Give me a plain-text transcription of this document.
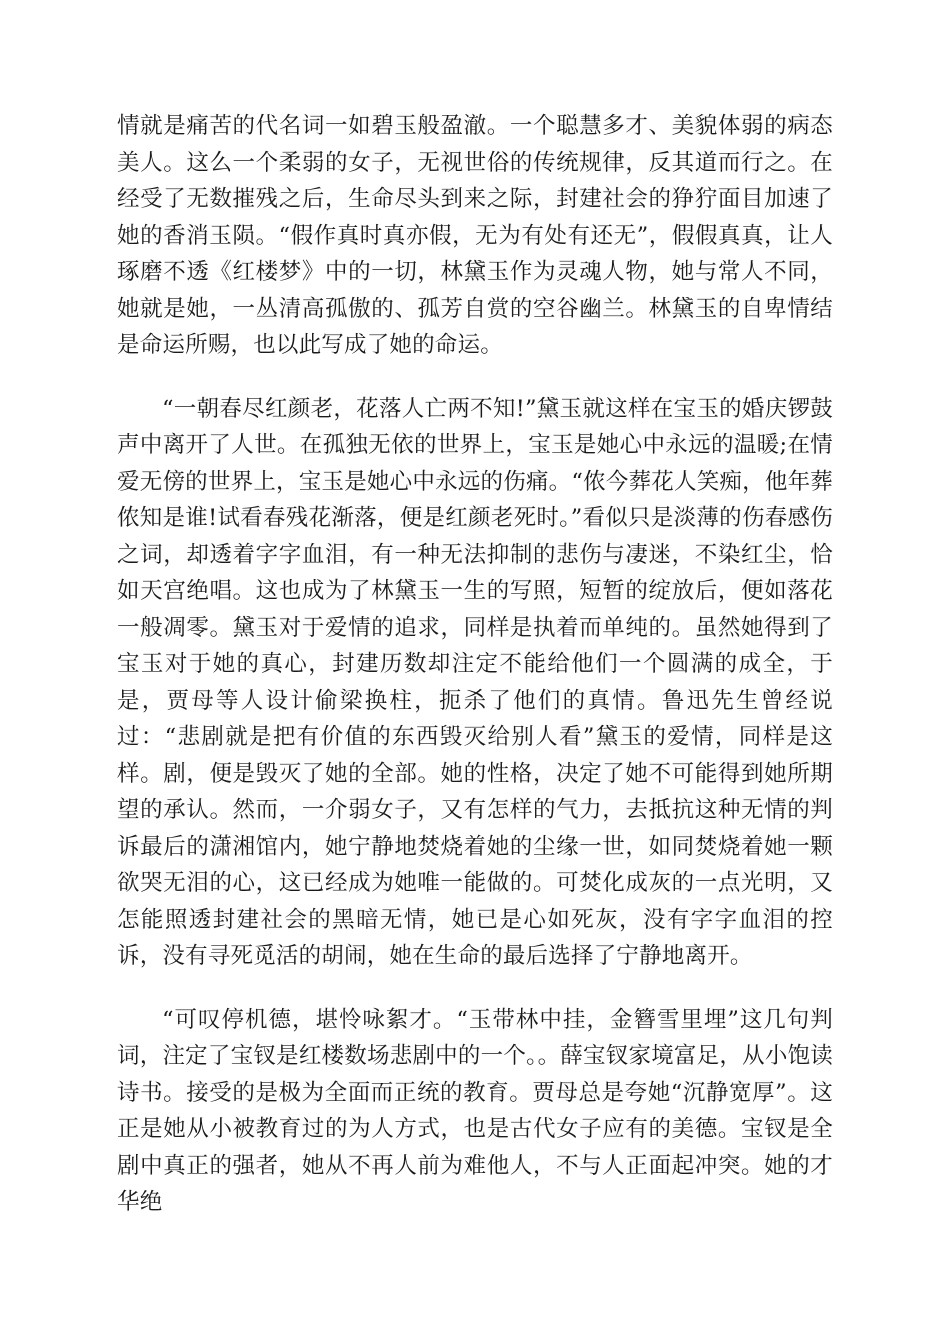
情就是痛苦的代名词一如碧玉般盈澈。一个聪慧多才、美貌体弱的病态美人。这么一个柔弱的女子，无视世俗的传统规律，反其道而行之。在经受了无数摧残之后，生命尽头到来之际，封建社会的狰狞面目加速了她的香消玉陨。“假作真时真亦假，无为有处有还无”，假假真真，让人琢磨不透《红楼梦》中的一切，林黛玉作为灵魂人物，她与常人不同，她就是她，一丛清高孤傲的、孤芳自赏的空谷幽兰。林黛玉的自卑情结是命运所赐，也以此写成了她的命运。

“一朝春尽红颜老，花落人亡两不知!”黛玉就这样在宝玉的婚庆锣鼓声中离开了人世。在孤独无依的世界上，宝玉是她心中永远的温暖;在情爱无傍的世界上，宝玉是她心中永远的伤痛。“侬今葬花人笑痴，他年葬侬知是谁!试看春残花渐落，便是红颜老死时。”看似只是淡薄的伤春感伤之词，却透着字字血泪，有一种无法抑制的悲伤与凄迷，不染红尘，恰如天宫绝唱。这也成为了林黛玉一生的写照，短暂的绽放后，便如落花一般凋零。黛玉对于爱情的追求，同样是执着而单纯的。虽然她得到了宝玉对于她的真心，封建历数却注定不能给他们一个圆满的成全，于是，贾母等人设计偷梁换柱，扼杀了他们的真情。鲁迅先生曾经说过：“悲剧就是把有价值的东西毁灭给别人看”黛玉的爱情，同样是这样。剧，便是毁灭了她的全部。她的性格，决定了她不可能得到她所期望的承认。然而，一介弱女子，又有怎样的气力，去抵抗这种无情的判诉最后的潇湘馆内，她宁静地焚烧着她的尘缘一世，如同焚烧着她一颗欲哭无泪的心，这已经成为她唯一能做的。可焚化成灰的一点光明，又怎能照透封建社会的黑暗无情，她已是心如死灰，没有字字血泪的控诉，没有寻死觅活的胡闹，她在生命的最后选择了宁静地离开。

“可叹停机德，堪怜咏絮才。“玉带林中挂，金簪雪里埋”这几句判词，注定了宝钗是红楼数场悲剧中的一个。。薛宝钗家境富足，从小饱读诗书。接受的是极为全面而正统的教育。贾母总是夸她“沉静宽厚”。这正是她从小被教育过的为人方式，也是古代女子应有的美德。宝钗是全剧中真正的强者，她从不再人前为难他人，不与人正面起冲突。她的才华绝
